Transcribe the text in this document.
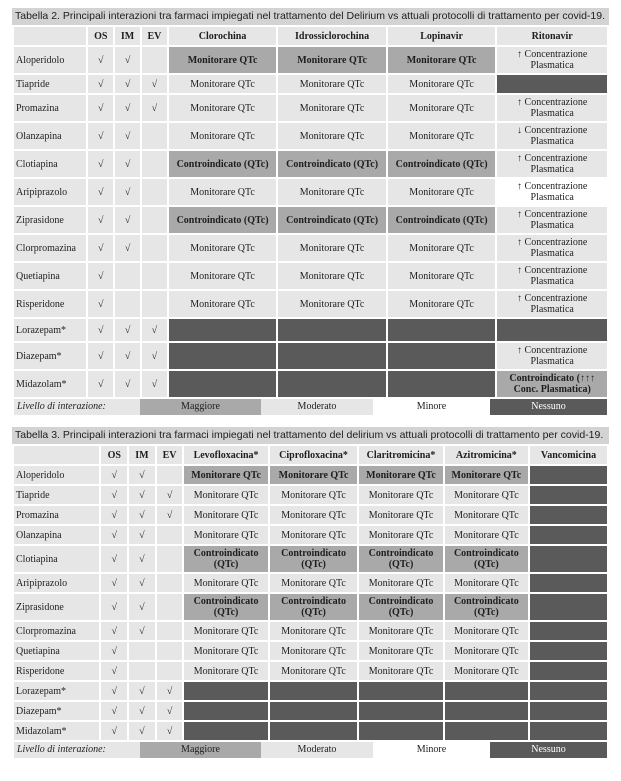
Tabella 2. Principali interazioni tra farmaci impiegati nel trattamento del Delirium vs attuali protocolli di trattamento per covid-19.
	OS	IM	EV	Clorochina	Idrossiclorochina	Lopinavir	Ritonavir
Aloperidolo	√	√		Monitorare QTc	Monitorare QTc	Monitorare QTc	↑ Concentrazione Plasmatica
Tiapride	√	√	√	Monitorare QTc	Monitorare QTc	Monitorare QTc	
Promazina	√	√	√	Monitorare QTc	Monitorare QTc	Monitorare QTc	↑ Concentrazione Plasmatica
Olanzapina	√	√		Monitorare QTc	Monitorare QTc	Monitorare QTc	↓ Concentrazione Plasmatica
Clotiapina	√	√		Controindicato (QTc)	Controindicato (QTc)	Controindicato (QTc)	↑ Concentrazione Plasmatica
Aripiprazolo	√	√		Monitorare QTc	Monitorare QTc	Monitorare QTc	↑ Concentrazione Plasmatica
Ziprasidone	√	√		Controindicato (QTc)	Controindicato (QTc)	Controindicato (QTc)	↑ Concentrazione Plasmatica
Clorpromazina	√	√		Monitorare QTc	Monitorare QTc	Monitorare QTc	↑ Concentrazione Plasmatica
Quetiapina	√			Monitorare QTc	Monitorare QTc	Monitorare QTc	↑ Concentrazione Plasmatica
Risperidone	√			Monitorare QTc	Monitorare QTc	Monitorare QTc	↑ Concentrazione Plasmatica
Lorazepam*	√	√	√				
Diazepam*	√	√	√				↑ Concentrazione Plasmatica
Midazolam*	√	√	√				Controindicato (↑↑↑ Conc. Plasmatica)
Livello di interazione:	Maggiore	Moderato	Minore	Nessuno
Tabella 3. Principali interazioni tra farmaci impiegati nel trattamento del delirium vs attuali protocolli di trattamento per covid-19.
	OS	IM	EV	Levofloxacina*	Ciprofloxacina*	Claritromicina*	Azitromicina*	Vancomicina
Aloperidolo	√	√		Monitorare QTc	Monitorare QTc	Monitorare QTc	Monitorare QTc	
Tiapride	√	√	√	Monitorare QTc	Monitorare QTc	Monitorare QTc	Monitorare QTc	
Promazina	√	√	√	Monitorare QTc	Monitorare QTc	Monitorare QTc	Monitorare QTc	
Olanzapina	√	√		Monitorare QTc	Monitorare QTc	Monitorare QTc	Monitorare QTc	
Clotiapina	√	√		Controindicato (QTc)	Controindicato (QTc)	Controindicato (QTc)	Controindicato (QTc)	
Aripiprazolo	√	√		Monitorare QTc	Monitorare QTc	Monitorare QTc	Monitorare QTc	
Ziprasidone	√	√		Controindicato (QTc)	Controindicato (QTc)	Controindicato (QTc)	Controindicato (QTc)	
Clorpromazina	√	√		Monitorare QTc	Monitorare QTc	Monitorare QTc	Monitorare QTc	
Quetiapina	√			Monitorare QTc	Monitorare QTc	Monitorare QTc	Monitorare QTc	
Risperidone	√			Monitorare QTc	Monitorare QTc	Monitorare QTc	Monitorare QTc	
Lorazepam*	√	√	√					
Diazepam*	√	√	√					
Midazolam*	√	√	√					
Livello di interazione:	Maggiore	Moderato	Minore	Nessuno
